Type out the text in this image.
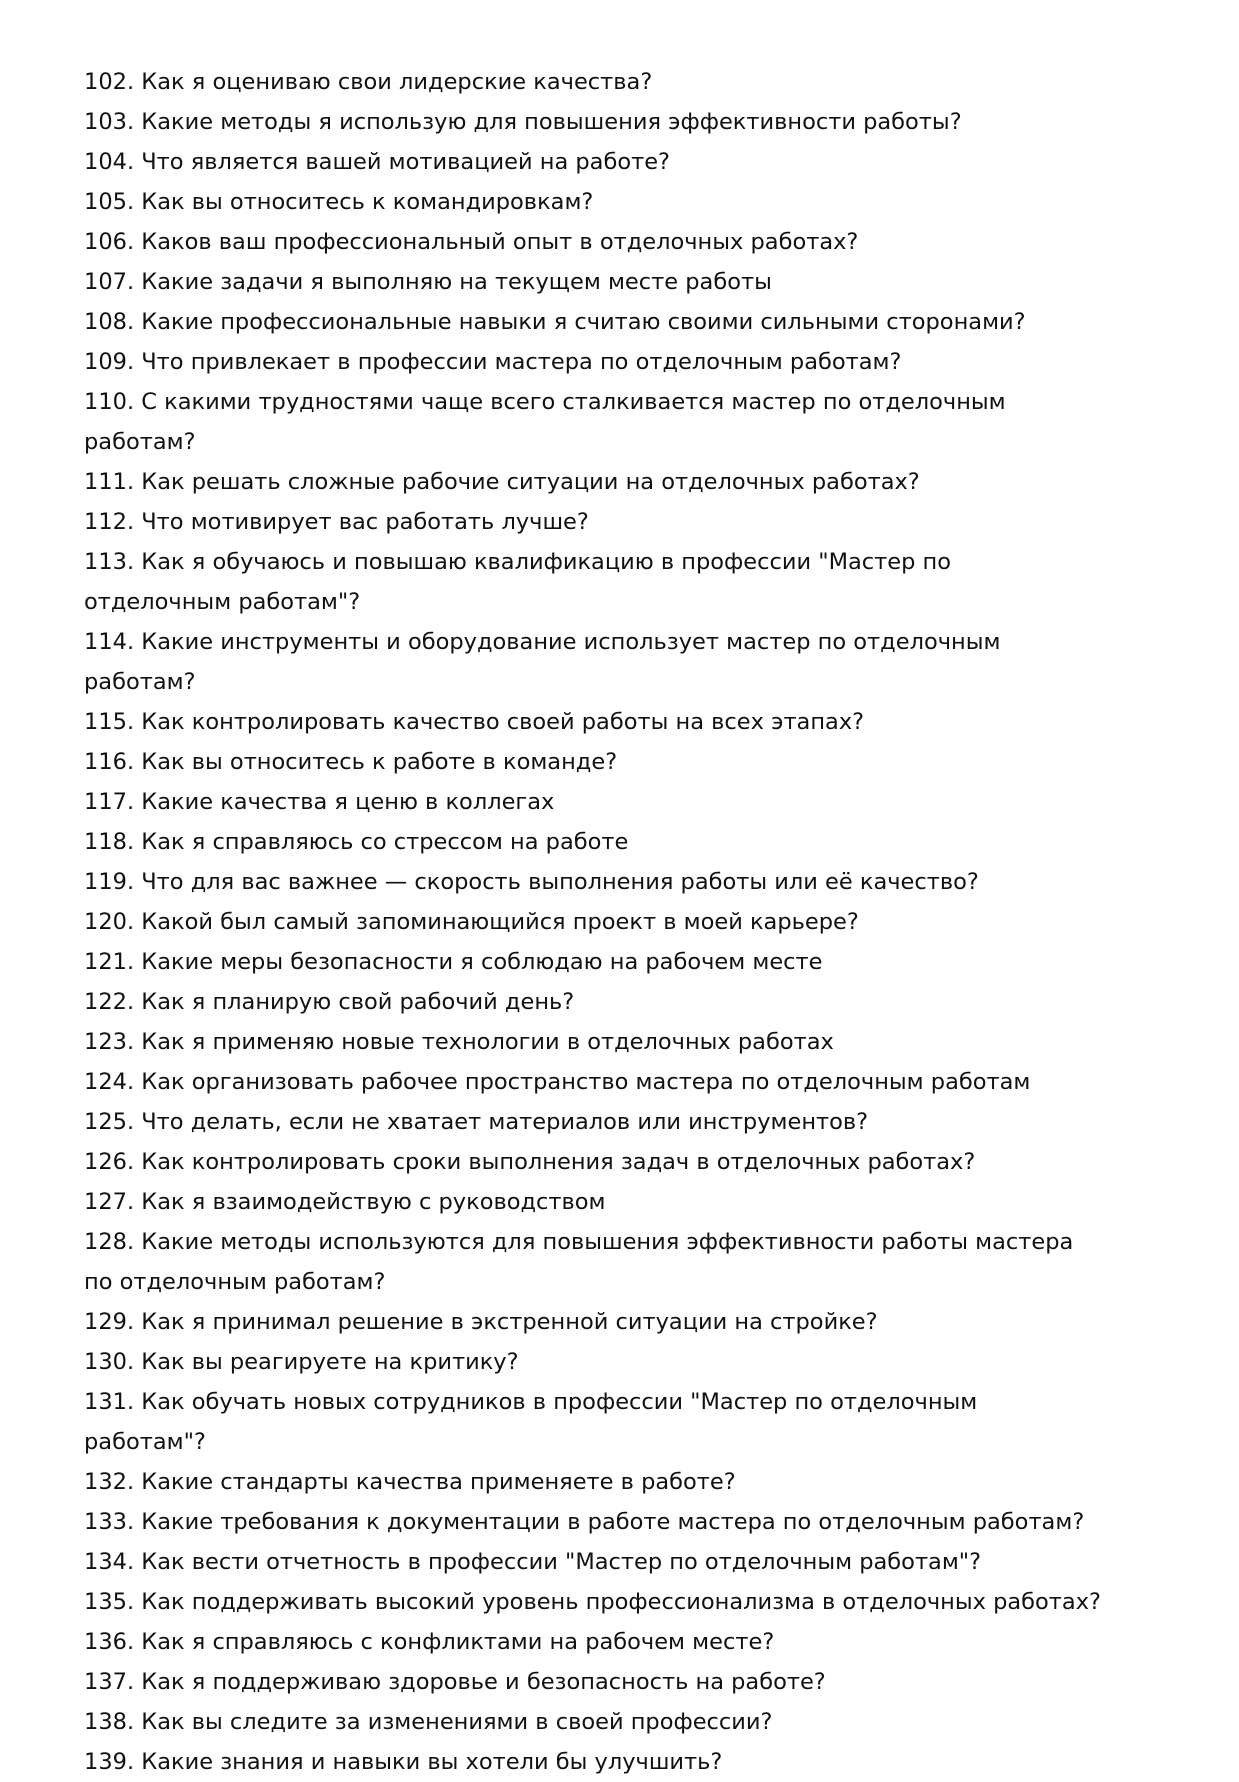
102. Как я оцениваю свои лидерские качества?
103. Какие методы я использую для повышения эффективности работы?
104. Что является вашей мотивацией на работе?
105. Как вы относитесь к командировкам?
106. Каков ваш профессиональный опыт в отделочных работах?
107. Какие задачи я выполняю на текущем месте работы
108. Какие профессиональные навыки я считаю своими сильными сторонами?
109. Что привлекает в профессии мастера по отделочным работам?
110. С какими трудностями чаще всего сталкивается мастер по отделочным работам?
111. Как решать сложные рабочие ситуации на отделочных работах?
112. Что мотивирует вас работать лучше?
113. Как я обучаюсь и повышаю квалификацию в профессии "Мастер по отделочным работам"?
114. Какие инструменты и оборудование использует мастер по отделочным работам?
115. Как контролировать качество своей работы на всех этапах?
116. Как вы относитесь к работе в команде?
117. Какие качества я ценю в коллегах
118. Как я справляюсь со стрессом на работе
119. Что для вас важнее — скорость выполнения работы или её качество?
120. Какой был самый запоминающийся проект в моей карьере?
121. Какие меры безопасности я соблюдаю на рабочем месте
122. Как я планирую свой рабочий день?
123. Как я применяю новые технологии в отделочных работах
124. Как организовать рабочее пространство мастера по отделочным работам
125. Что делать, если не хватает материалов или инструментов?
126. Как контролировать сроки выполнения задач в отделочных работах?
127. Как я взаимодействую с руководством
128. Какие методы используются для повышения эффективности работы мастера по отделочным работам?
129. Как я принимал решение в экстренной ситуации на стройке?
130. Как вы реагируете на критику?
131. Как обучать новых сотрудников в профессии "Мастер по отделочным работам"?
132. Какие стандарты качества применяете в работе?
133. Какие требования к документации в работе мастера по отделочным работам?
134. Как вести отчетность в профессии "Мастер по отделочным работам"?
135. Как поддерживать высокий уровень профессионализма в отделочных работах?
136. Как я справляюсь с конфликтами на рабочем месте?
137. Как я поддерживаю здоровье и безопасность на работе?
138. Как вы следите за изменениями в своей профессии?
139. Какие знания и навыки вы хотели бы улучшить?
